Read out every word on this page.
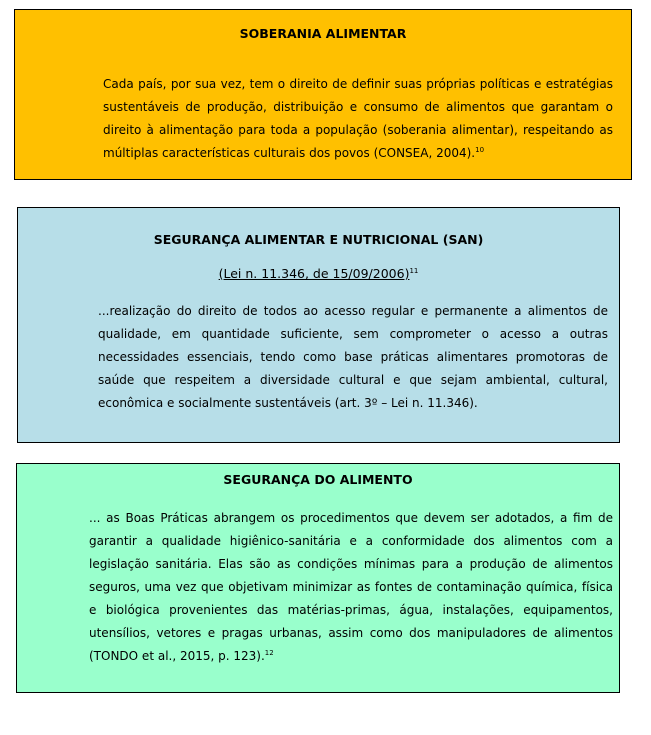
SOBERANIA ALIMENTAR

Cada país, por sua vez, tem o direito de definir suas próprias políticas e estratégias sustentáveis de produção, distribuição e consumo de alimentos que garantam o direito à alimentação para toda a população (soberania alimentar), respeitando as múltiplas características culturais dos povos (CONSEA, 2004).$^{10}$

SEGURANÇA ALIMENTAR E NUTRICIONAL (SAN)
(Lei n. 11.346, de 15/09/2006)$^{11}$

...realização do direito de todos ao acesso regular e permanente a alimentos de qualidade, em quantidade suficiente, sem comprometer o acesso a outras necessidades essenciais, tendo como base práticas alimentares promotoras de saúde que respeitem a diversidade cultural e que sejam ambiental, cultural, econômica e socialmente sustentáveis (art. 3º – Lei n. 11.346).

SEGURANÇA DO ALIMENTO

... as Boas Práticas abrangem os procedimentos que devem ser adotados, a fim de garantir a qualidade higiênico-sanitária e a conformidade dos alimentos com a legislação sanitária. Elas são as condições mínimas para a produção de alimentos seguros, uma vez que objetivam minimizar as fontes de contaminação química, física e biológica provenientes das matérias-primas, água, instalações, equipamentos, utensílios, vetores e pragas urbanas, assim como dos manipuladores de alimentos (TONDO et al., 2015, p. 123).$^{12}$
